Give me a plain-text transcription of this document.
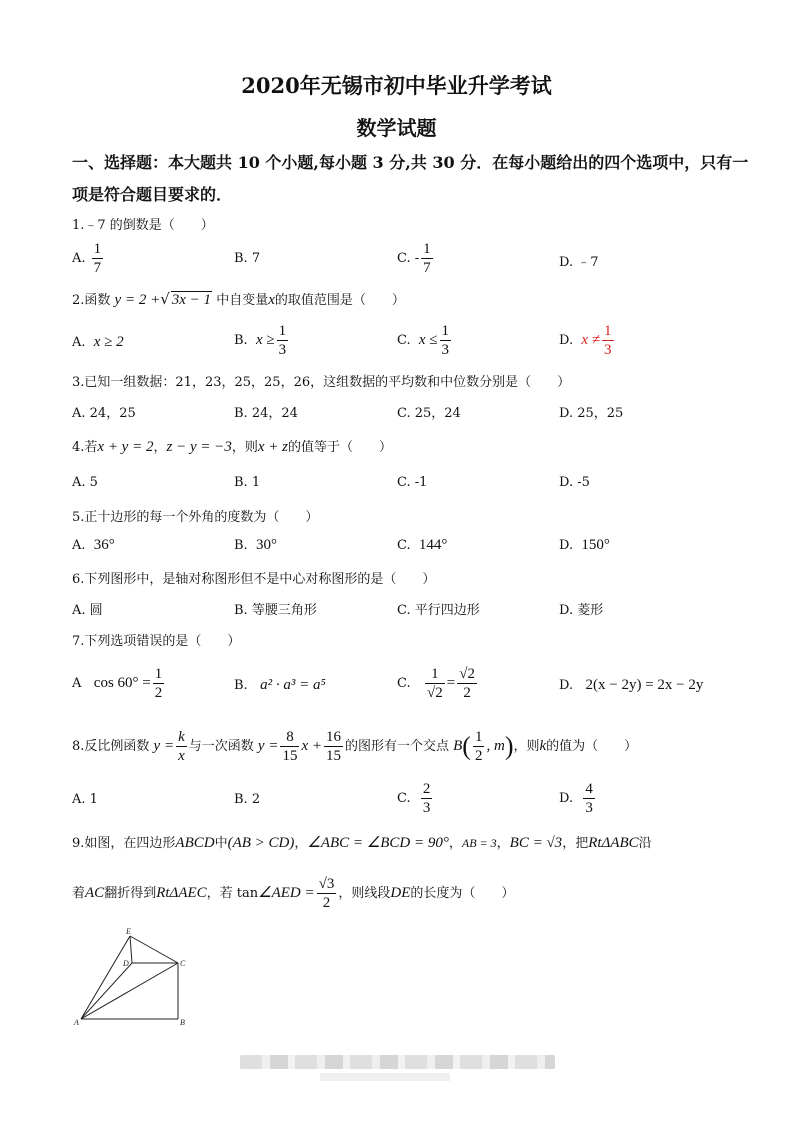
2020年无锡市初中毕业升学考试
数学试题
一、选择题：本大题共 10 个小题,每小题 3 分,共 30 分．在每小题给出的四个选项中，只有一
项是符合题目要求的．
1.﹣7 的倒数是（　　）
A. $\frac{1}{7}$	B. 7	C. - $\frac{1}{7}$	D. ﹣7
2.函数 y = 2 +√ 3x − 1 中自变量x的取值范围是（　　）
A. x ≥ 2	B. $x \ge \frac{1}{3}$	C. $x \le \frac{1}{3}$	D. $x \ne \frac{1}{3}$
3.已知一组数据：21，23，25，25，26，这组数据的平均数和中位数分别是（　　）
A. 24，25	B. 24，24	C. 25，24	D. 25，25
4.若x + y = 2，z − y = −3，则x + z的值等于（　　）
A. 5	B. 1	C. -1	D. -5
5.正十边形的每一个外角的度数为（　　）
A. 36°	B. 30°	C. 144°	D. 150°
6.下列图形中，是轴对称图形但不是中心对称图形的是（　　）
A. 圆	B. 等腰三角形	C. 平行四边形	D. 菱形
7.下列选项错误的是（　　）
A $\cos 60^\circ = \frac{1}{2}$	B. a² · a³ = a⁵	C. $\frac{1}{√2} = \frac{√2}{2}$	D. 2(x − 2y) = 2x − 2y
8.反比例函数 $y = \frac{k}{x}$ 与一次函数 $y = \frac{8}{15}$ $x + \frac{16}{15}$ 的图形有一个交点 $B( \frac{1}{2}$ , m)，则k的值为（　　）
A. 1	B. 2	C. $\frac{2}{3}$	D. $\frac{4}{3}$
9.如图，在四边形ABCD中(AB > CD)，∠ABC = ∠BCD = 90°，AB = 3，BC = √3，把RtΔABC沿
着AC翻折得到RtΔAEC，若 tan∠AED = $\frac{√3}{2}$ ，则线段DE的长度为（　　）
E
D	C
A	B
